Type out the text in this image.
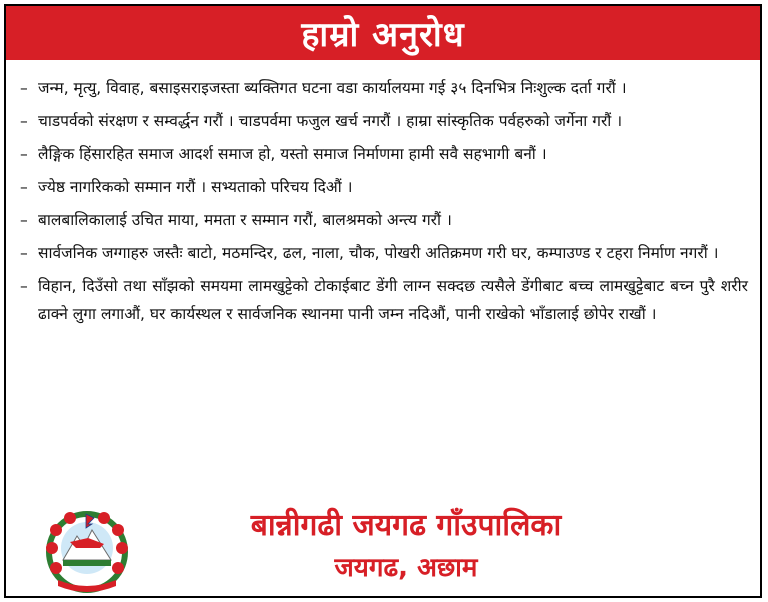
हाम्रो अनुरोध
– जन्म, मृत्यु, विवाह, बसाइसराइजस्ता ब्यक्तिगत घटना वडा कार्यालयमा गई ३५ दिनभित्र निःशुल्क दर्ता गरौं ।
– चाडपर्वको संरक्षण र सम्वर्द्धन गरौं । चाडपर्वमा फजुल खर्च नगरौं । हाम्रा सांस्कृतिक पर्वहरुको जर्गेना गरौं ।
– लैङ्गिक हिंसारहित समाज आदर्श समाज हो, यस्तो समाज निर्माणमा हामी सवै सहभागी बनौं ।
– ज्येष्ठ नागरिकको सम्मान गरौं । सभ्यताको परिचय दिऔं ।
– बालबालिकालाई उचित माया, ममता र सम्मान गरौं, बालश्रमको अन्त्य गरौं ।
– सार्वजनिक जग्गाहरु जस्तैः बाटो, मठमन्दिर, ढल, नाला, चौक, पोखरी अतिक्रमण गरी घर, कम्पाउण्ड र टहरा निर्माण नगरौं ।
– विहान, दिउँसो तथा साँझको समयमा लामखुट्टेको टोकाईबाट डेंगी लाग्न सक्दछ त्यसैले डेंगीबाट बच्च लामखुट्टेबाट बच्न पुरै शरीर ढाक्ने लुगा लगाऔं, घर कार्यस्थल र सार्वजनिक स्थानमा पानी जम्न नदिऔं, पानी राखेको भाँडालाई छोपेर राखौं ।
बान्नीगढी जयगढ गाँउपालिका
जयगढ, अछाम
